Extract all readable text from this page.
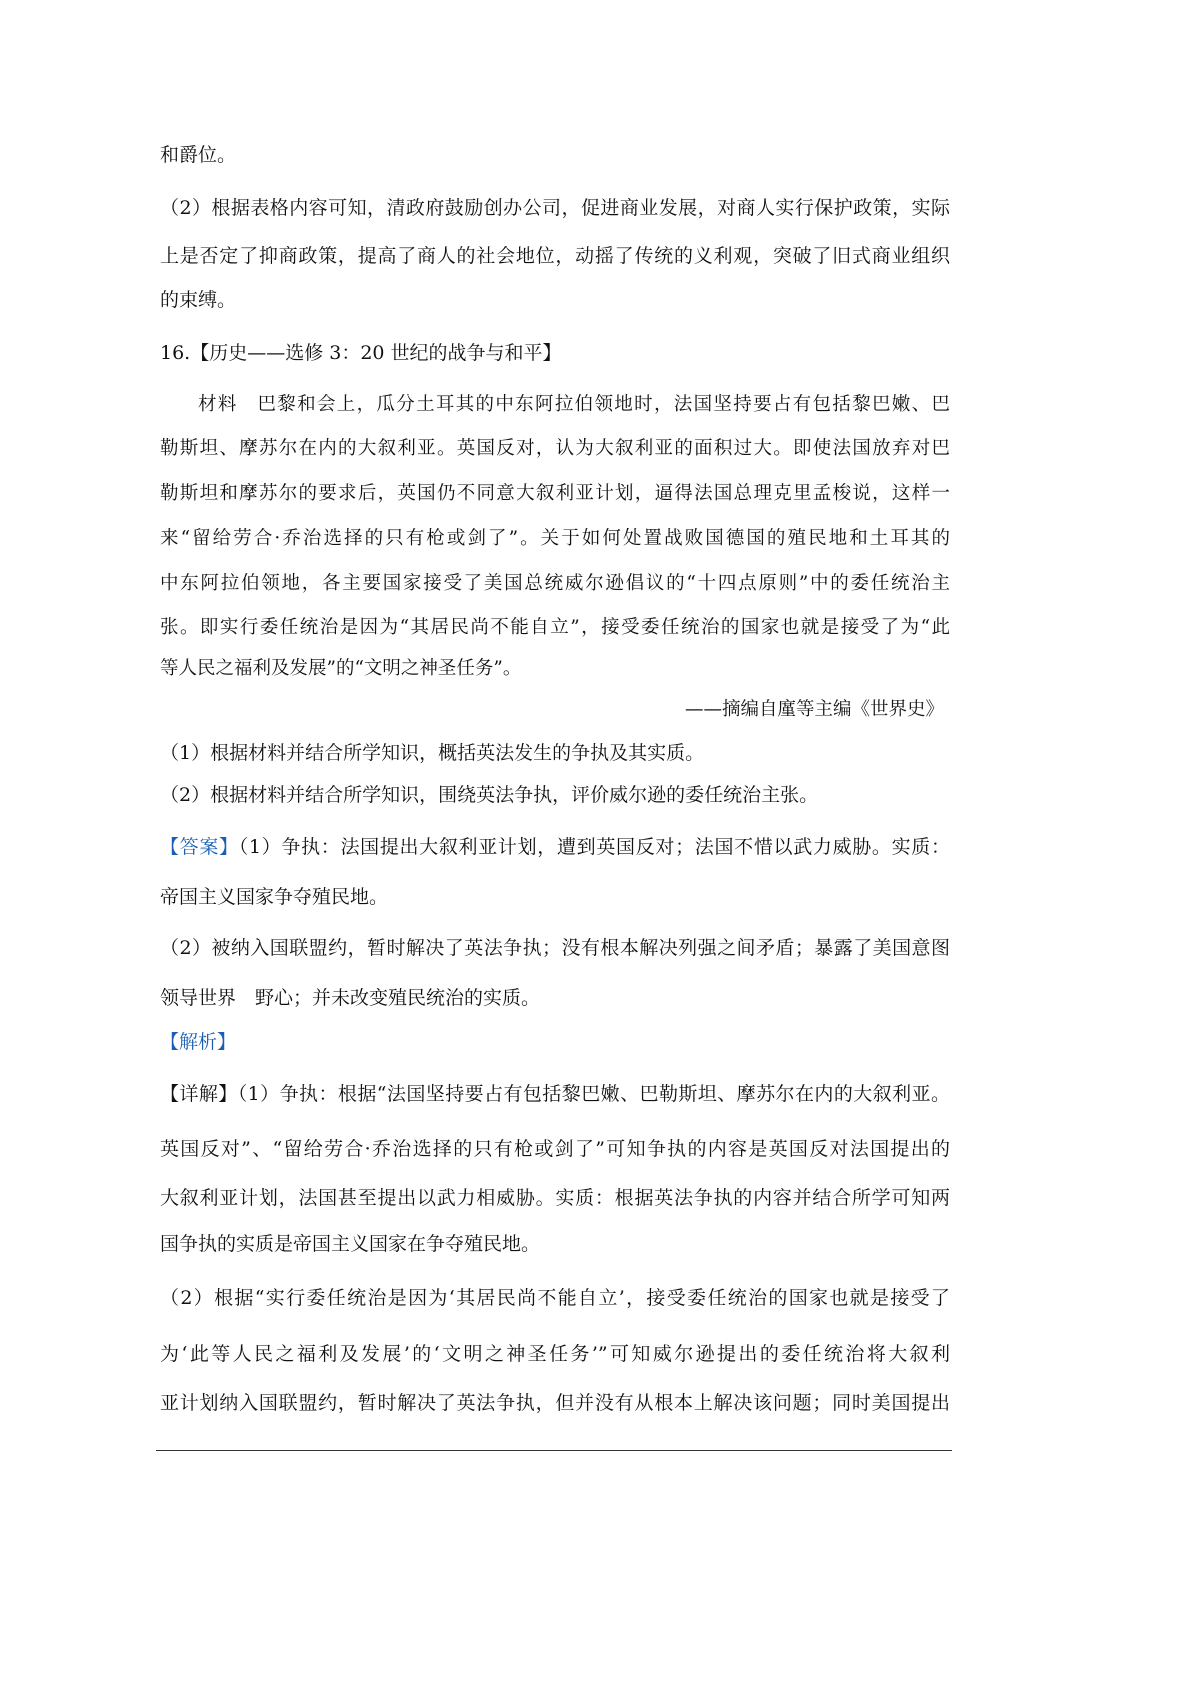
和爵位。
（2）根据表格内容可知，清政府鼓励创办公司，促进商业发展，对商人实行保护政策，实际
上是否定了抑商政策，提高了商人的社会地位，动摇了传统的义利观，突破了旧式商业组织
的束缚。
16.【历史——选修 3：20 世纪的战争与和平】
材料　巴黎和会上，瓜分土耳其的中东阿拉伯领地时，法国坚持要占有包括黎巴嫩、巴
勒斯坦、摩苏尔在内的大叙利亚。英国反对，认为大叙利亚的面积过大。即使法国放弃对巴
勒斯坦和摩苏尔的要求后，英国仍不同意大叙利亚计划，逼得法国总理克里孟梭说，这样一
来“留给劳合·乔治选择的只有枪或剑了”。关于如何处置战败国德国的殖民地和土耳其的
中东阿拉伯领地，各主要国家接受了美国总统威尔逊倡议的“十四点原则”中的委任统治主
张。即实行委任统治是因为“其居民尚不能自立”，接受委任统治的国家也就是接受了为“此
等人民之福利及发展”的“文明之神圣任务”。
——摘编自廑等主编《世界史》
（1）根据材料并结合所学知识，概括英法发生的争执及其实质。
（2）根据材料并结合所学知识，围绕英法争执，评价威尔逊的委任统治主张。
【答案】（1）争执：法国提出大叙利亚计划，遭到英国反对；法国不惜以武力威胁。实质：
帝国主义国家争夺殖民地。
（2）被纳入国联盟约，暂时解决了英法争执；没有根本解决列强之间矛盾；暴露了美国意图
领导世界　野心；并未改变殖民统治的实质。
【解析】
【详解】（1）争执：根据“法国坚持要占有包括黎巴嫩、巴勒斯坦、摩苏尔在内的大叙利亚。
英国反对”、“留给劳合·乔治选择的只有枪或剑了”可知争执的内容是英国反对法国提出的
大叙利亚计划，法国甚至提出以武力相威胁。实质：根据英法争执的内容并结合所学可知两
国争执的实质是帝国主义国家在争夺殖民地。
（2）根据“实行委任统治是因为‘其居民尚不能自立’，接受委任统治的国家也就是接受了
为‘此等人民之福利及发展’的‘文明之神圣任务’”可知威尔逊提出的委任统治将大叙利
亚计划纳入国联盟约，暂时解决了英法争执，但并没有从根本上解决该问题；同时美国提出
